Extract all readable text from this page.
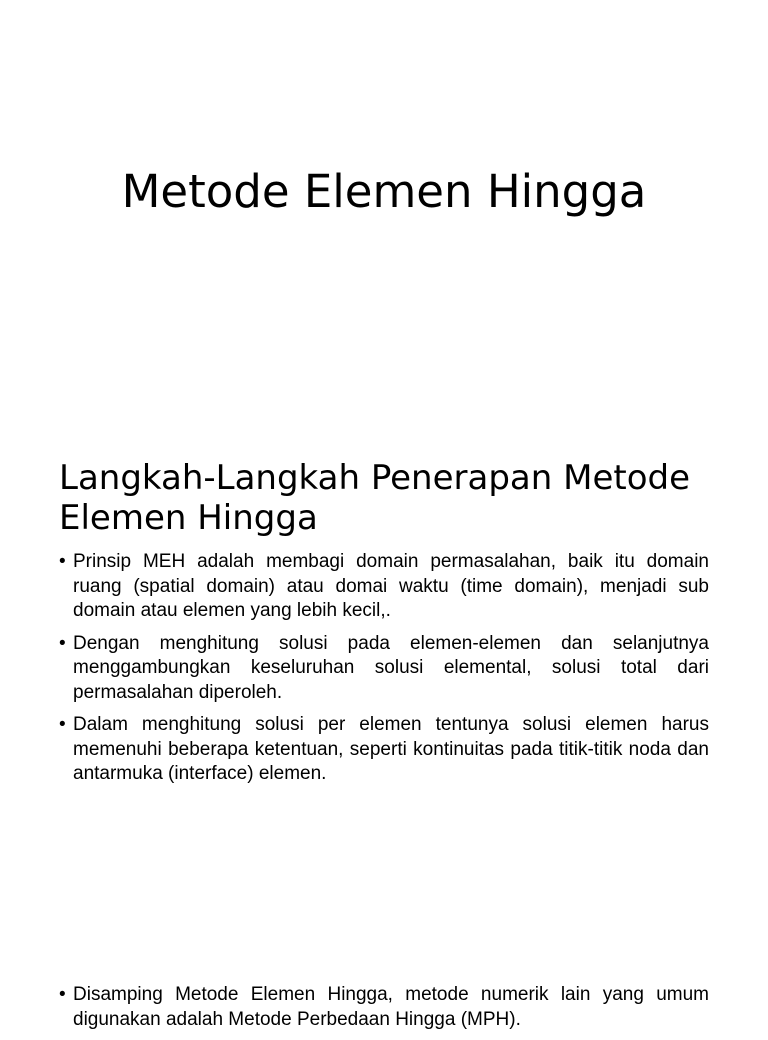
Metode Elemen Hingga
Langkah-Langkah Penerapan Metode Elemen Hingga
• Prinsip MEH adalah membagi domain permasalahan, baik itu domain ruang (spatial domain) atau domai waktu (time domain), menjadi sub domain atau elemen yang lebih kecil,.
• Dengan menghitung solusi pada elemen-elemen dan selanjutnya menggambungkan keseluruhan solusi elemental, solusi total dari permasalahan diperoleh.
• Dalam menghitung solusi per elemen tentunya solusi elemen harus memenuhi beberapa ketentuan, seperti kontinuitas pada titik-titik noda dan antarmuka (interface) elemen.
• Disamping Metode Elemen Hingga, metode numerik lain yang umum digunakan adalah Metode Perbedaan Hingga (MPH).
